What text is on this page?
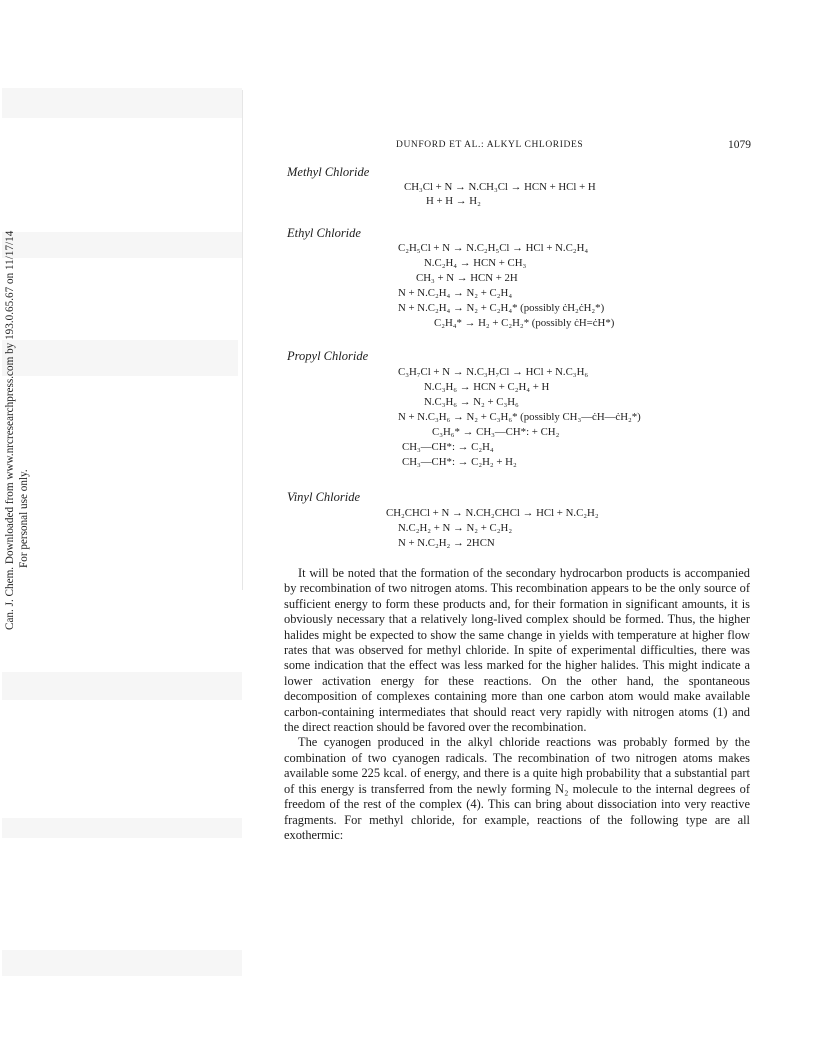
Can. J. Chem. Downloaded from www.nrcresearchpress.com by 193.0.65.67 on 11/17/14 For personal use only.
DUNFORD ET AL.: ALKYL CHLORIDES	1079
Methyl Chloride
CH₃Cl + N → N.CH₃Cl → HCN + HCl + H
H + H → H₂
Ethyl Chloride
C₂H₅Cl + N → N.C₂H₅Cl → HCl + N.C₂H₄
N.C₂H₄ → HCN + CH₃
CH₃ + N → HCN + 2H
N + N.C₂H₄ → N₂ + C₂H₄
N + N.C₂H₄ → N₂ + C₂H₄* (possibly ċH₂ċH₂*)
C₂H₄* → H₂ + C₂H₂* (possibly ċH=ċH*)
Propyl Chloride
C₃H₇Cl + N → N.C₃H₇Cl → HCl + N.C₃H₆
N.C₃H₆ → HCN + C₂H₄ + H
N.C₃H₆ → N₂ + C₃H₆
N + N.C₃H₆ → N₂ + C₃H₆* (possibly CH₃—ċH—ċH₂*)
C₃H₆* → CH₃—CH*: + CH₂
CH₃—CH*: → C₂H₄
CH₃—CH*: → C₂H₂ + H₂
Vinyl Chloride
CH₂CHCl + N → N.CH₂CHCl → HCl + N.C₂H₂
N.C₂H₂ + N → N₂ + C₂H₂
N + N.C₂H₂ → 2HCN

It will be noted that the formation of the secondary hydrocarbon products is accompanied by recombination of two nitrogen atoms. This recombination appears to be the only source of sufficient energy to form these products and, for their formation in significant amounts, it is obviously necessary that a relatively long-lived complex should be formed. Thus, the higher halides might be expected to show the same change in yields with temperature at higher flow rates that was observed for methyl chloride. In spite of experimental difficulties, there was some indication that the effect was less marked for the higher halides. This might indicate a lower activation energy for these reactions. On the other hand, the spontaneous decomposition of complexes containing more than one carbon atom would make available carbon-containing intermediates that should react very rapidly with nitrogen atoms (1) and the direct reaction should be favored over the recombination.

The cyanogen produced in the alkyl chloride reactions was probably formed by the combination of two cyanogen radicals. The recombination of two nitrogen atoms makes available some 225 kcal. of energy, and there is a quite high probability that a substantial part of this energy is transferred from the newly forming N₂ molecule to the internal degrees of freedom of the rest of the complex (4). This can bring about dissociation into very reactive fragments. For methyl chloride, for example, reactions of the following type are all exothermic:
